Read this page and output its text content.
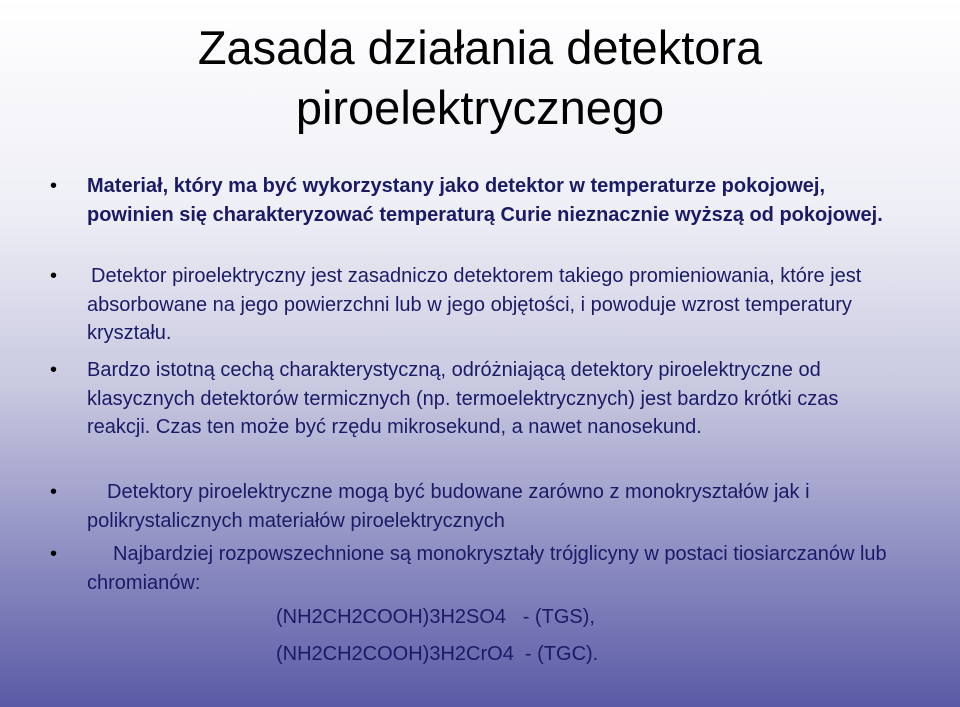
Zasada działania detektora
piroelektrycznego
• Materiał, który ma być wykorzystany jako detektor w temperaturze pokojowej, powinien się charakteryzować temperaturą Curie nieznacznie wyższą od pokojowej.
• Detektor piroelektryczny jest zasadniczo detektorem takiego promieniowania, które jest absorbowane na jego powierzchni lub w jego objętości, i powoduje wzrost temperatury kryształu.
• Bardzo istotną cechą charakterystyczną, odróżniającą detektory piroelektryczne od klasycznych detektorów termicznych (np. termoelektrycznych) jest bardzo krótki czas reakcji. Czas ten może być rzędu mikrosekund, a nawet nanosekund.
•	Detektory piroelektryczne mogą być budowane zarówno z monokryształów jak i polikrystalicznych materiałów piroelektrycznych
•	Najbardziej rozpowszechnione są monokryształy trójglicyny w postaci tiosiarczanów lub chromianów:
(NH2CH2COOH)3H2SO4   - (TGS),
(NH2CH2COOH)3H2CrO4  - (TGC).
